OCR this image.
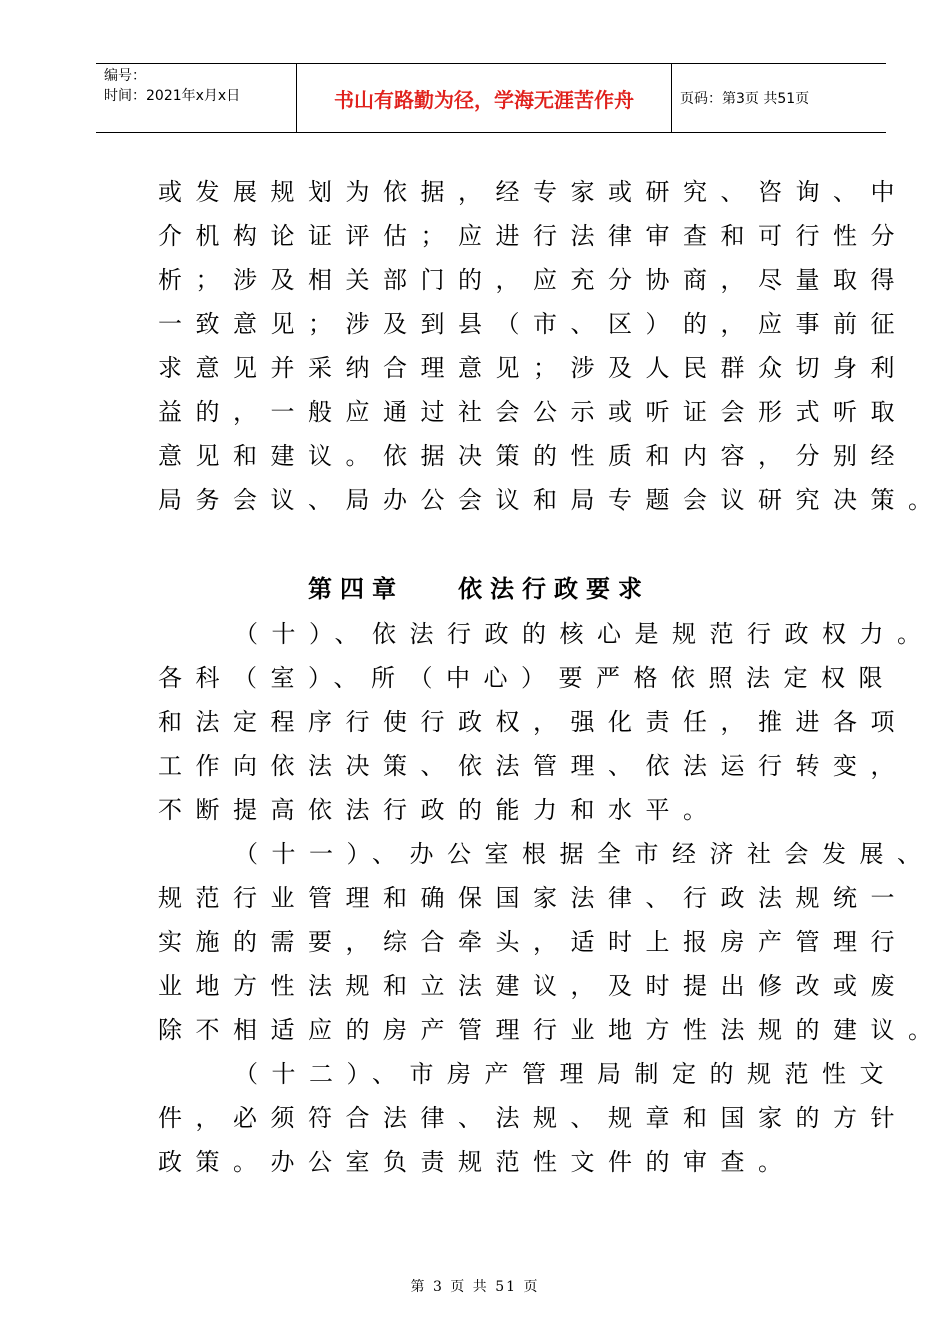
编号：
时间：2021年x月x日	书山有路勤为径，学海无涯苦作舟	页码：第3页 共51页
或发展规划为依据，经专家或研究、咨询、中
介机构论证评估；应进行法律审查和可行性分
析；涉及相关部门的，应充分协商，尽量取得
一致意见；涉及到县（市、区）的，应事前征
求意见并采纳合理意见；涉及人民群众切身利
益的，一般应通过社会公示或听证会形式听取
意见和建议。依据决策的性质和内容，分别经
局务会议、局办公会议和局专题会议研究决策。
第四章 依法行政要求
（十）、依法行政的核心是规范行政权力。
各科（室）、所（中心）要严格依照法定权限
和法定程序行使行政权，强化责任，推进各项
工作向依法决策、依法管理、依法运行转变，
不断提高依法行政的能力和水平。
（十一）、办公室根据全市经济社会发展、
规范行业管理和确保国家法律、行政法规统一
实施的需要，综合牵头，适时上报房产管理行
业地方性法规和立法建议，及时提出修改或废
除不相适应的房产管理行业地方性法规的建议。
（十二）、市房产管理局制定的规范性文
件，必须符合法律、法规、规章和国家的方针
政策。办公室负责规范性文件的审查。
第 3 页 共 51 页
